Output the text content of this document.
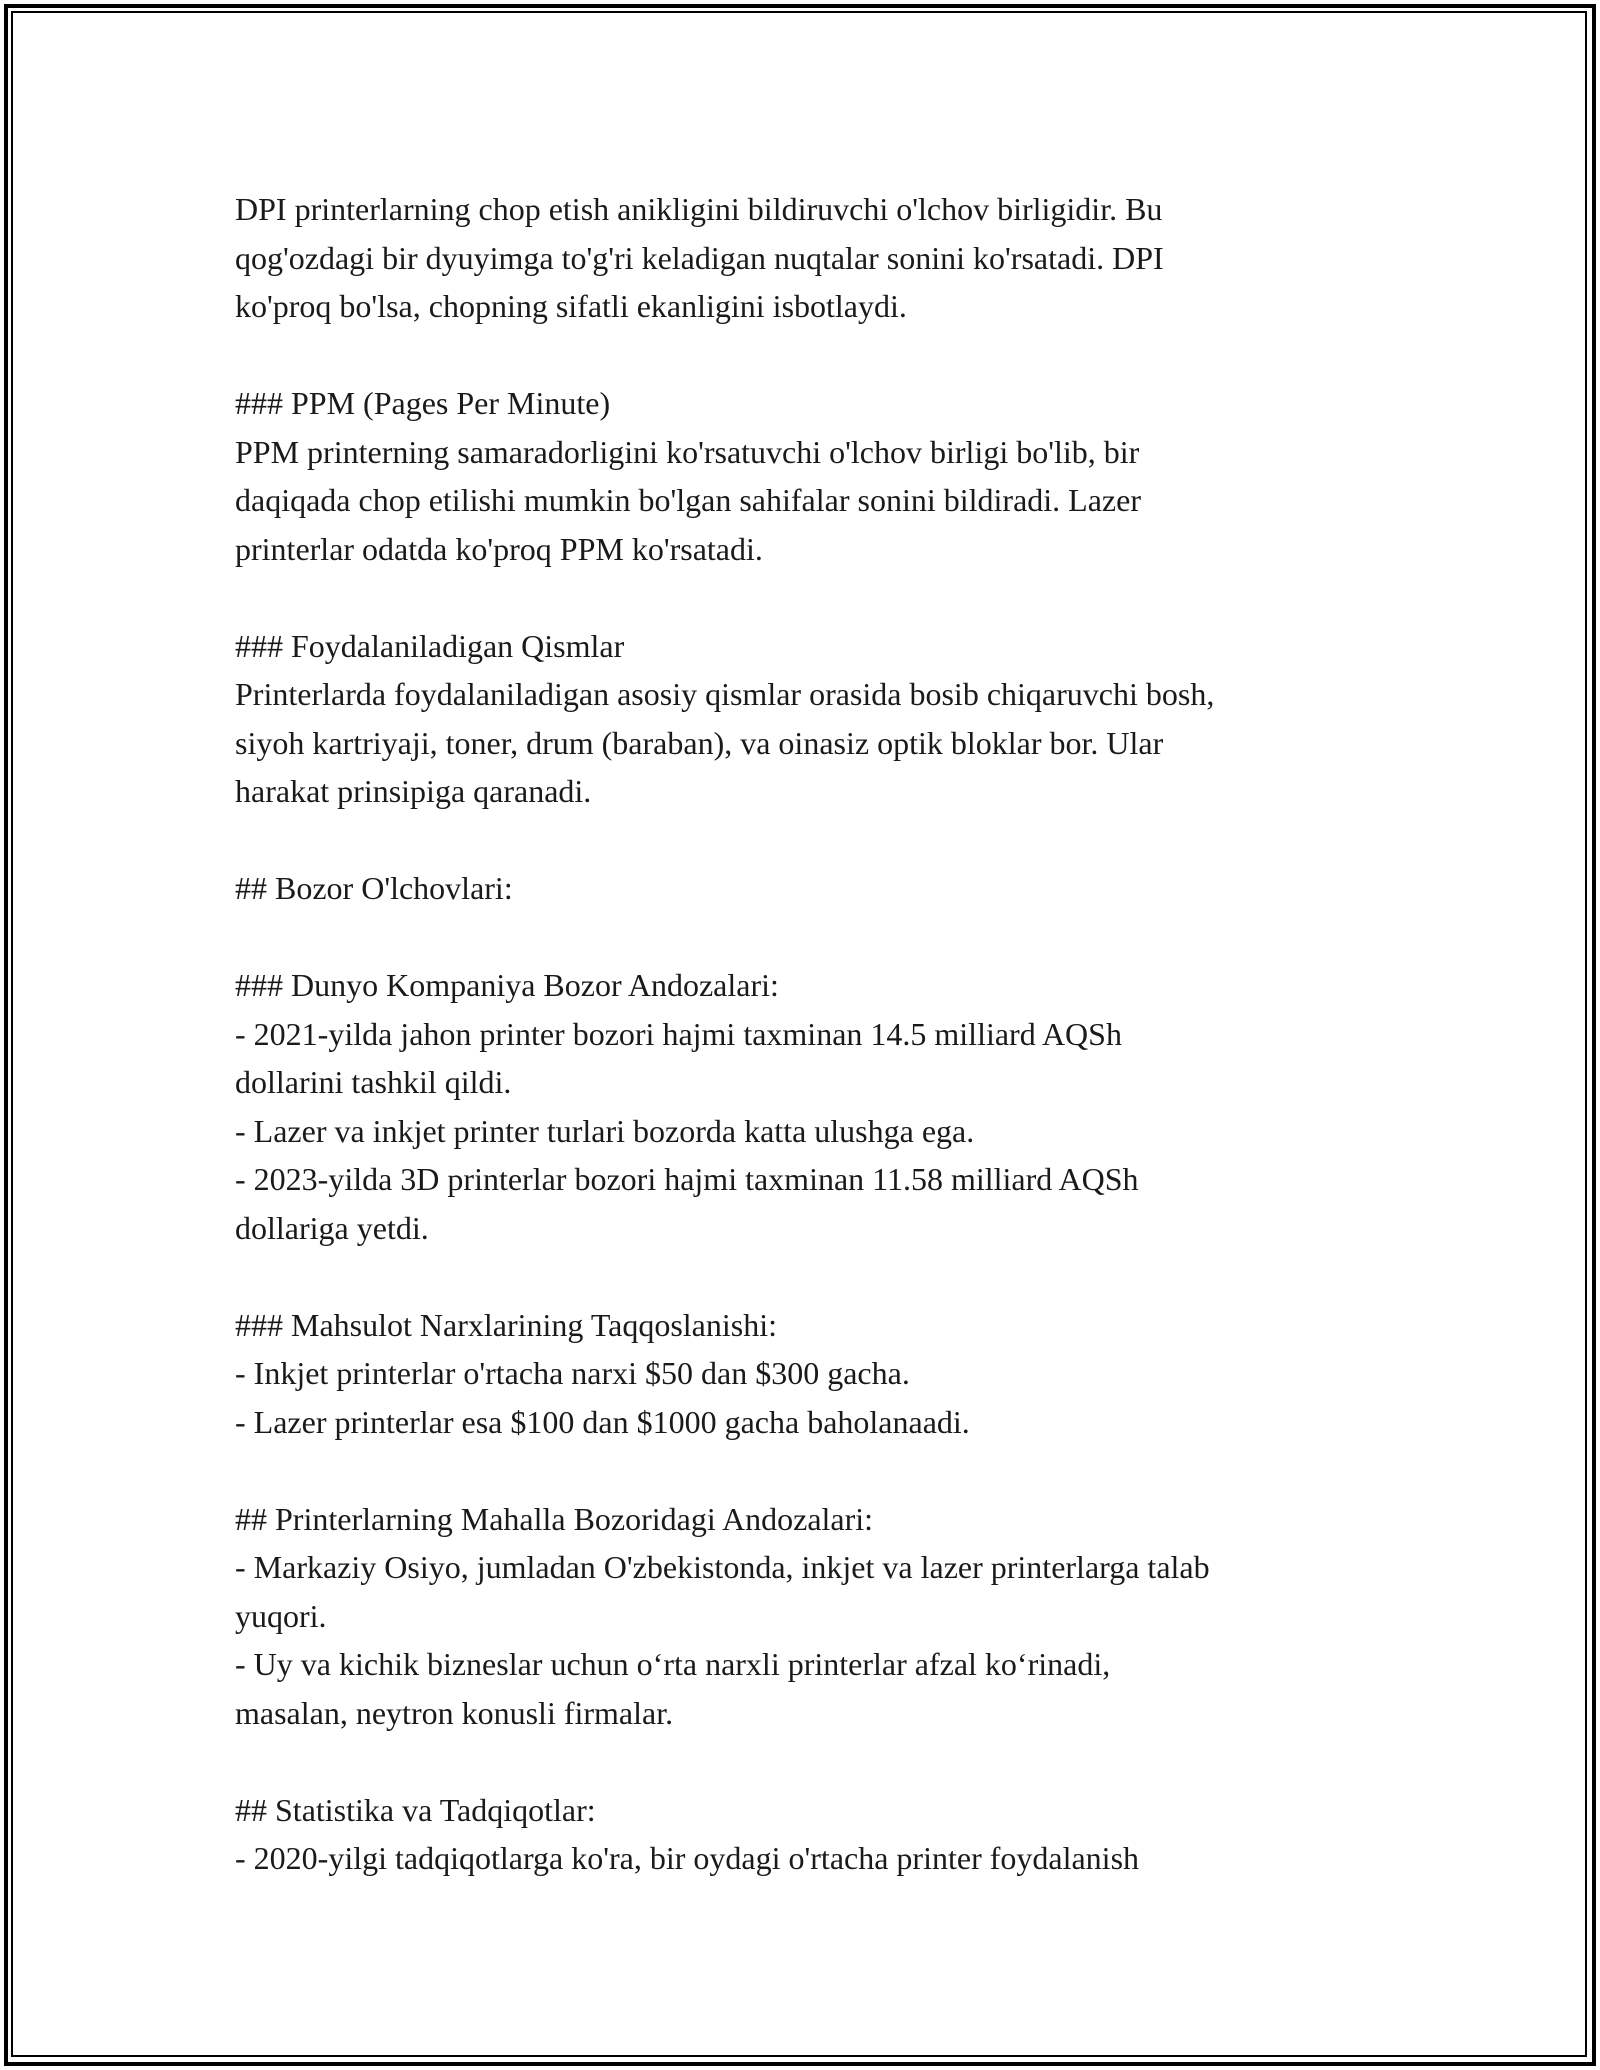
DPI printerlarning chop etish anikligini bildiruvchi o'lchov birligidir. Bu
qog'ozdagi bir dyuyimga to'g'ri keladigan nuqtalar sonini ko'rsatadi. DPI
ko'proq bo'lsa, chopning sifatli ekanligini isbotlaydi.
### PPM (Pages Per Minute)
PPM printerning samaradorligini ko'rsatuvchi o'lchov birligi bo'lib, bir
daqiqada chop etilishi mumkin bo'lgan sahifalar sonini bildiradi. Lazer
printerlar odatda ko'proq PPM ko'rsatadi.
### Foydalaniladigan Qismlar
Printerlarda foydalaniladigan asosiy qismlar orasida bosib chiqaruvchi bosh,
siyoh kartriyaji, toner, drum (baraban), va oinasiz optik bloklar bor. Ular
harakat prinsipiga qaranadi.
## Bozor O'lchovlari:
### Dunyo Kompaniya Bozor Andozalari:
- 2021-yilda jahon printer bozori hajmi taxminan 14.5 milliard AQSh
dollarini tashkil qildi.
- Lazer va inkjet printer turlari bozorda katta ulushga ega.
- 2023-yilda 3D printerlar bozori hajmi taxminan 11.58 milliard AQSh
dollariga yetdi.
### Mahsulot Narxlarining Taqqoslanishi:
- Inkjet printerlar o'rtacha narxi $50 dan $300 gacha.
- Lazer printerlar esa $100 dan $1000 gacha baholanaadi.
## Printerlarning Mahalla Bozoridagi Andozalari:
- Markaziy Osiyo, jumladan O'zbekistonda, inkjet va lazer printerlarga talab
yuqori.
- Uy va kichik bizneslar uchun o‘rta narxli printerlar afzal ko‘rinadi,
masalan, neytron konusli firmalar.
## Statistika va Tadqiqotlar:
- 2020-yilgi tadqiqotlarga ko'ra, bir oydagi o'rtacha printer foydalanish
